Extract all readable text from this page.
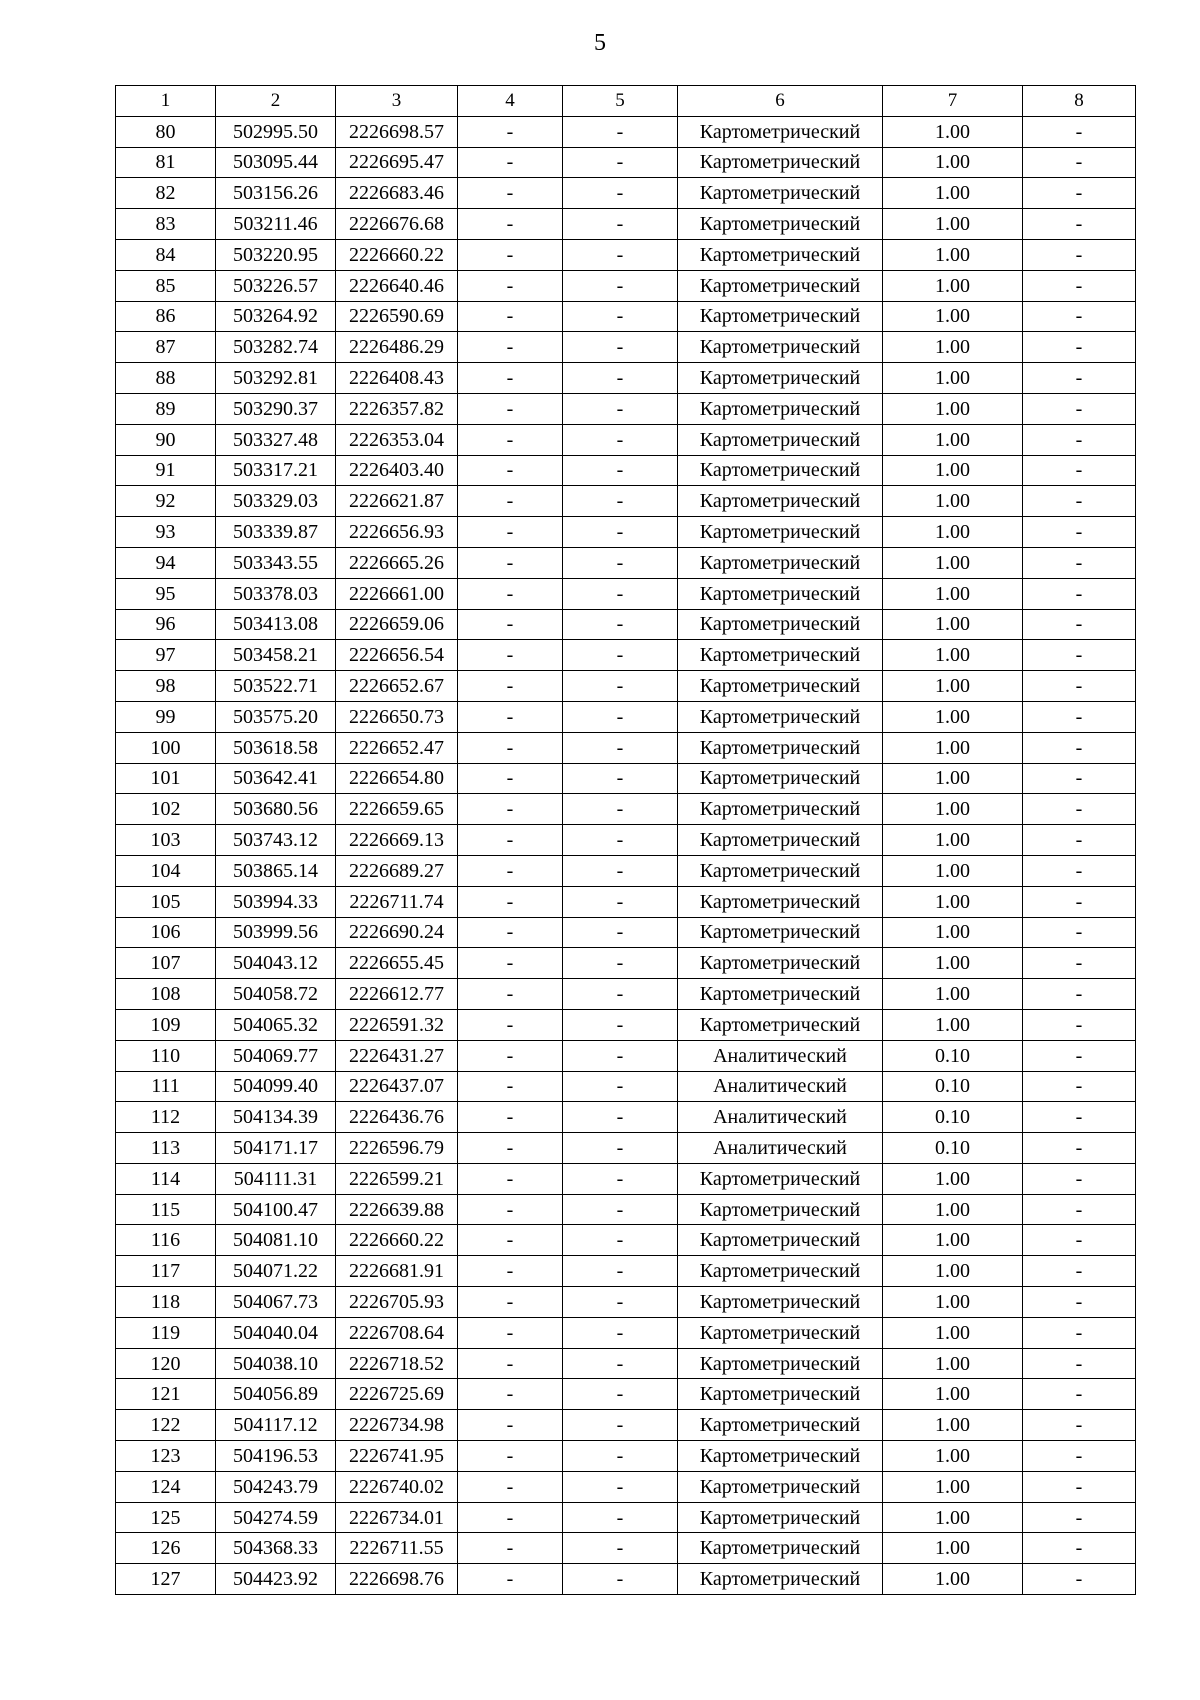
5
1	2	3	4	5	6	7	8
80	502995.50	2226698.57	-	-	Картометрический	1.00	-
81	503095.44	2226695.47	-	-	Картометрический	1.00	-
82	503156.26	2226683.46	-	-	Картометрический	1.00	-
83	503211.46	2226676.68	-	-	Картометрический	1.00	-
84	503220.95	2226660.22	-	-	Картометрический	1.00	-
85	503226.57	2226640.46	-	-	Картометрический	1.00	-
86	503264.92	2226590.69	-	-	Картометрический	1.00	-
87	503282.74	2226486.29	-	-	Картометрический	1.00	-
88	503292.81	2226408.43	-	-	Картометрический	1.00	-
89	503290.37	2226357.82	-	-	Картометрический	1.00	-
90	503327.48	2226353.04	-	-	Картометрический	1.00	-
91	503317.21	2226403.40	-	-	Картометрический	1.00	-
92	503329.03	2226621.87	-	-	Картометрический	1.00	-
93	503339.87	2226656.93	-	-	Картометрический	1.00	-
94	503343.55	2226665.26	-	-	Картометрический	1.00	-
95	503378.03	2226661.00	-	-	Картометрический	1.00	-
96	503413.08	2226659.06	-	-	Картометрический	1.00	-
97	503458.21	2226656.54	-	-	Картометрический	1.00	-
98	503522.71	2226652.67	-	-	Картометрический	1.00	-
99	503575.20	2226650.73	-	-	Картометрический	1.00	-
100	503618.58	2226652.47	-	-	Картометрический	1.00	-
101	503642.41	2226654.80	-	-	Картометрический	1.00	-
102	503680.56	2226659.65	-	-	Картометрический	1.00	-
103	503743.12	2226669.13	-	-	Картометрический	1.00	-
104	503865.14	2226689.27	-	-	Картометрический	1.00	-
105	503994.33	2226711.74	-	-	Картометрический	1.00	-
106	503999.56	2226690.24	-	-	Картометрический	1.00	-
107	504043.12	2226655.45	-	-	Картометрический	1.00	-
108	504058.72	2226612.77	-	-	Картометрический	1.00	-
109	504065.32	2226591.32	-	-	Картометрический	1.00	-
110	504069.77	2226431.27	-	-	Аналитический	0.10	-
111	504099.40	2226437.07	-	-	Аналитический	0.10	-
112	504134.39	2226436.76	-	-	Аналитический	0.10	-
113	504171.17	2226596.79	-	-	Аналитический	0.10	-
114	504111.31	2226599.21	-	-	Картометрический	1.00	-
115	504100.47	2226639.88	-	-	Картометрический	1.00	-
116	504081.10	2226660.22	-	-	Картометрический	1.00	-
117	504071.22	2226681.91	-	-	Картометрический	1.00	-
118	504067.73	2226705.93	-	-	Картометрический	1.00	-
119	504040.04	2226708.64	-	-	Картометрический	1.00	-
120	504038.10	2226718.52	-	-	Картометрический	1.00	-
121	504056.89	2226725.69	-	-	Картометрический	1.00	-
122	504117.12	2226734.98	-	-	Картометрический	1.00	-
123	504196.53	2226741.95	-	-	Картометрический	1.00	-
124	504243.79	2226740.02	-	-	Картометрический	1.00	-
125	504274.59	2226734.01	-	-	Картометрический	1.00	-
126	504368.33	2226711.55	-	-	Картометрический	1.00	-
127	504423.92	2226698.76	-	-	Картометрический	1.00	-
